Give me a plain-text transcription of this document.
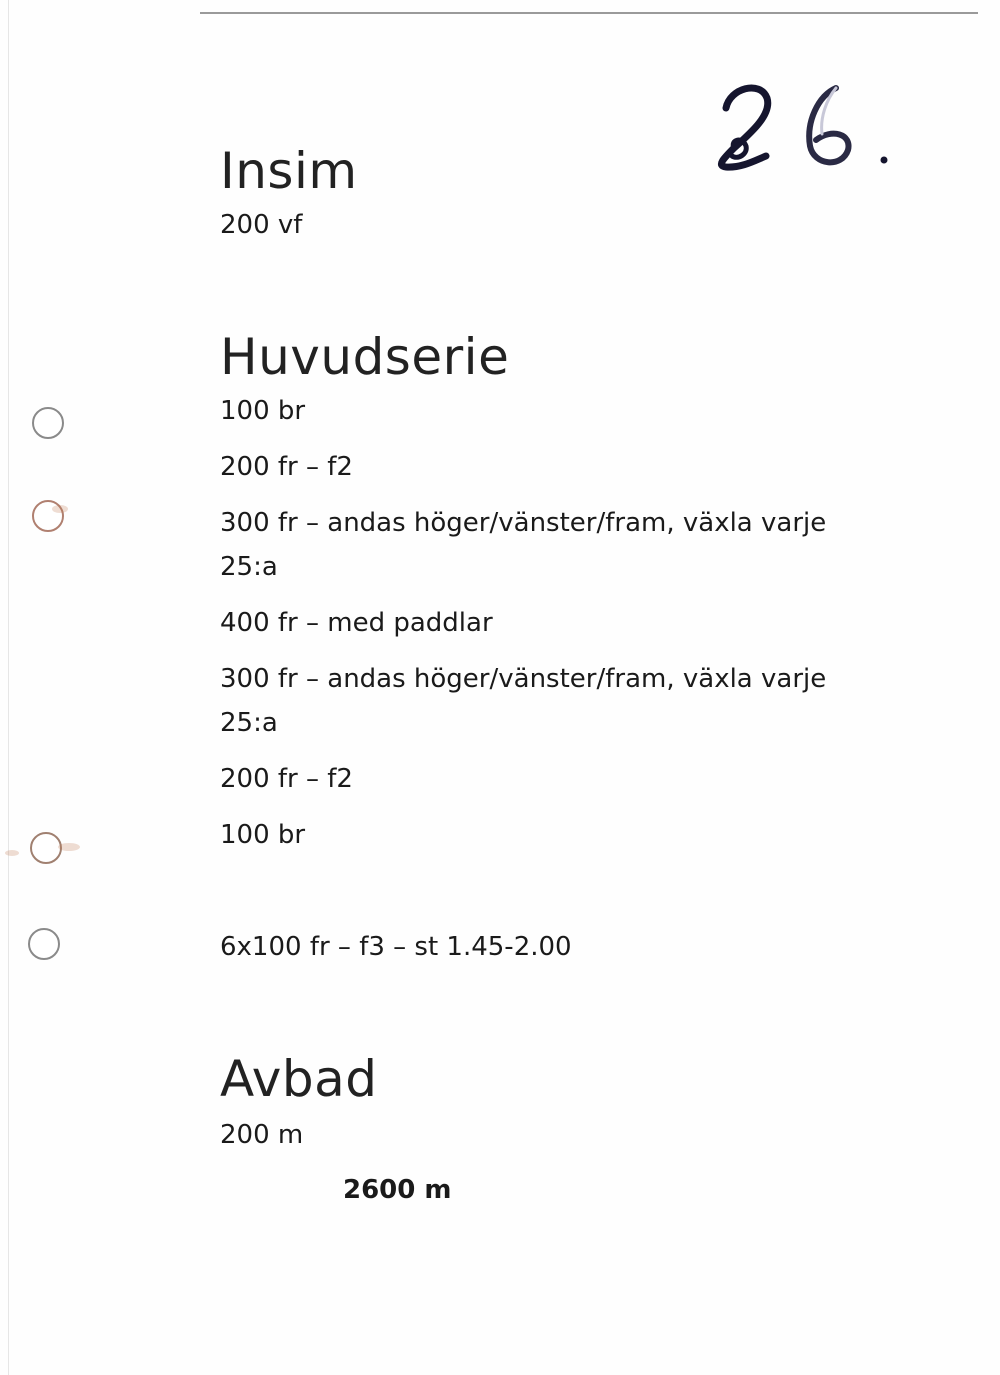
Insim
200 vf
Huvudserie
100 br
200 fr – f2
300 fr – andas höger/vänster/fram, växla varje
25:a
400 fr – med paddlar
300 fr – andas höger/vänster/fram, växla varje
25:a
200 fr – f2
100 br
6x100 fr – f3 – st 1.45-2.00
Avbad
200 m
2600 m
